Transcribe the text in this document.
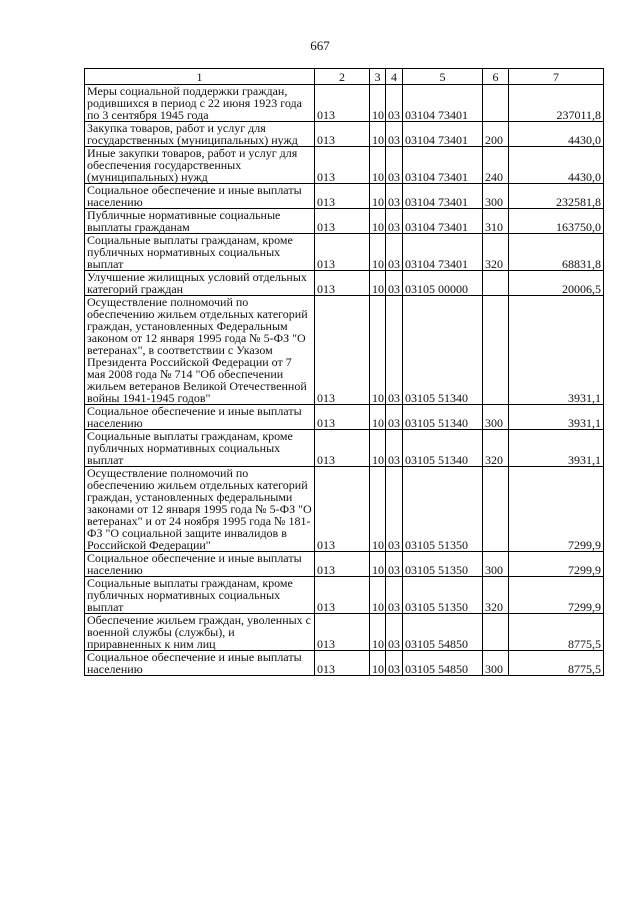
667
1	2	3	4	5	6	7
Меры социальной поддержки граждан, родившихся в период с 22 июня 1923 года по 3 сентября 1945 года	013	10	03	03104 73401		237011,8
Закупка товаров, работ и услуг для государственных (муниципальных) нужд	013	10	03	03104 73401	200	4430,0
Иные закупки товаров, работ и услуг для обеспечения государственных (муниципальных) нужд	013	10	03	03104 73401	240	4430,0
Социальное обеспечение и иные выплаты населению	013	10	03	03104 73401	300	232581,8
Публичные нормативные социальные выплаты гражданам	013	10	03	03104 73401	310	163750,0
Социальные выплаты гражданам, кроме публичных нормативных социальных выплат	013	10	03	03104 73401	320	68831,8
Улучшение жилищных условий отдельных категорий граждан	013	10	03	03105 00000		20006,5
Осуществление полномочий по обеспечению жильем отдельных категорий граждан, установленных Федеральным законом от 12 января 1995 года № 5-ФЗ "О ветеранах", в соответствии с Указом Президента Российской Федерации от 7 мая 2008 года № 714 "Об обеспечении жильем ветеранов Великой Отечественной войны 1941-1945 годов"	013	10	03	03105 51340		3931,1
Социальное обеспечение и иные выплаты населению	013	10	03	03105 51340	300	3931,1
Социальные выплаты гражданам, кроме публичных нормативных социальных выплат	013	10	03	03105 51340	320	3931,1
Осуществление полномочий по обеспечению жильем отдельных категорий граждан, установленных федеральными законами от 12 января 1995 года № 5-ФЗ "О ветеранах" и от 24 ноября 1995 года № 181-ФЗ "О социальной защите инвалидов в Российской Федерации"	013	10	03	03105 51350		7299,9
Социальное обеспечение и иные выплаты населению	013	10	03	03105 51350	300	7299,9
Социальные выплаты гражданам, кроме публичных нормативных социальных выплат	013	10	03	03105 51350	320	7299,9
Обеспечение жильем граждан, уволенных с военной службы (службы), и приравненных к ним лиц	013	10	03	03105 54850		8775,5
Социальное обеспечение и иные выплаты населению	013	10	03	03105 54850	300	8775,5
